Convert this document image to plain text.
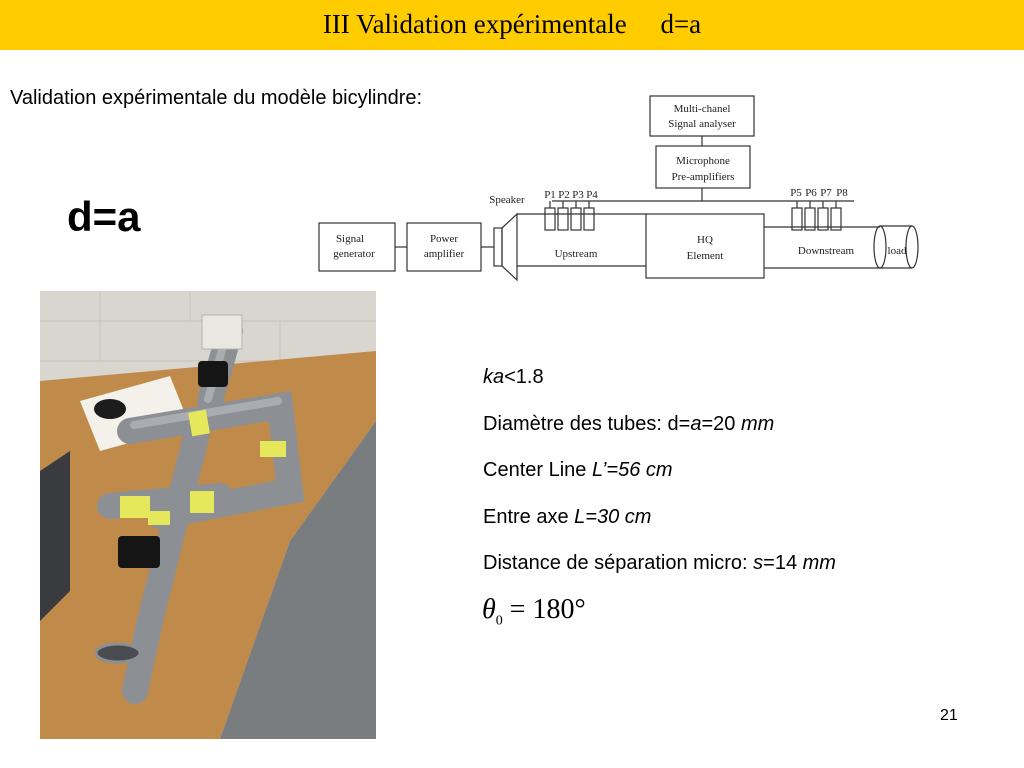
III Validation expérimentale     d=a
Validation expérimentale du modèle bicylindre:
d=a
Multi-chanel
Signal analyser
Microphone
Pre-amplifiers
Signal
generator
Power
amplifier
Speaker P1 P2 P3 P4
Upstream
HQ
Element
P5 P6 P7 P8
Downstream	load
ka<1.8
Diamètre des tubes: d=a=20 mm
Center Line L’=56 cm
Entre axe L=30 cm
Distance de séparation micro: s=14 mm
$\theta_0 = 180^\circ$
21
